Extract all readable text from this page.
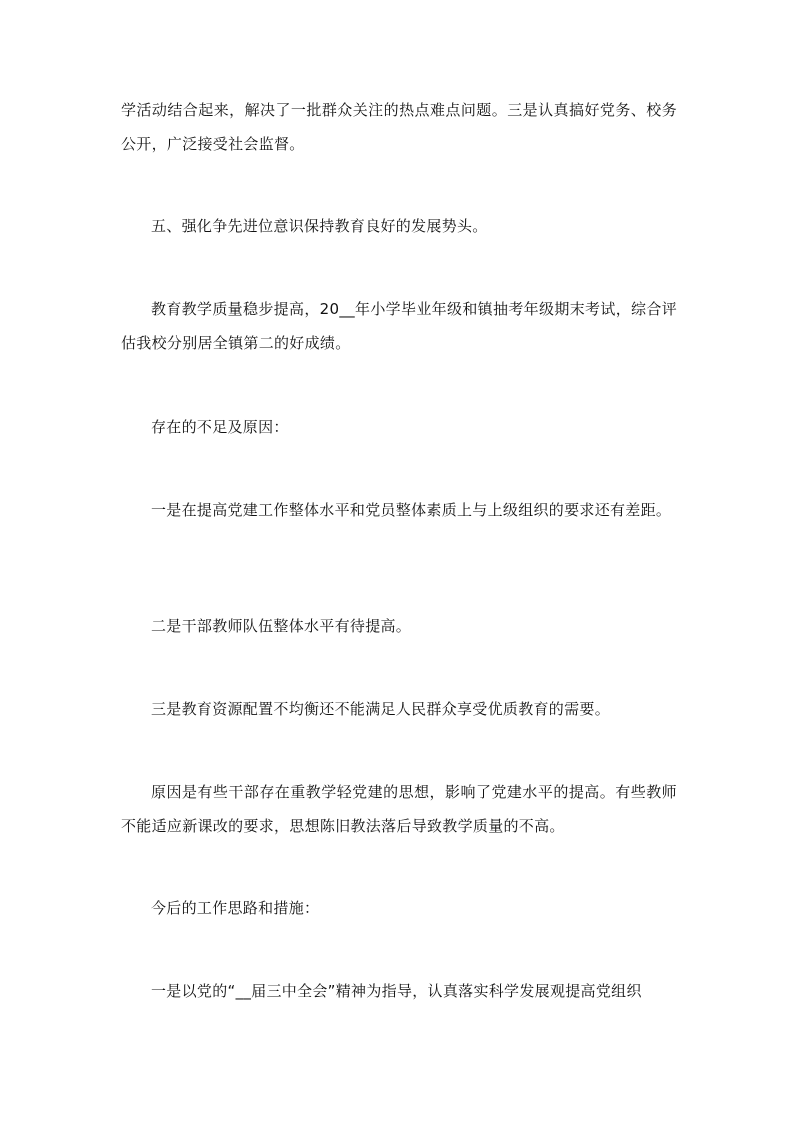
学活动结合起来，解决了一批群众关注的热点难点问题。三是认真搞好党务、校务公开，广泛接受社会监督。

五、强化争先进位意识保持教育良好的发展势头。

教育教学质量稳步提高，20__年小学毕业年级和镇抽考年级期末考试，综合评估我校分别居全镇第二的好成绩。

存在的不足及原因：

一是在提高党建工作整体水平和党员整体素质上与上级组织的要求还有差距。

二是干部教师队伍整体水平有待提高。

三是教育资源配置不均衡还不能满足人民群众享受优质教育的需要。

原因是有些干部存在重教学轻党建的思想，影响了党建水平的提高。有些教师不能适应新课改的要求，思想陈旧教法落后导致教学质量的不高。

今后的工作思路和措施：

一是以党的“__届三中全会”精神为指导，认真落实科学发展观提高党组织
